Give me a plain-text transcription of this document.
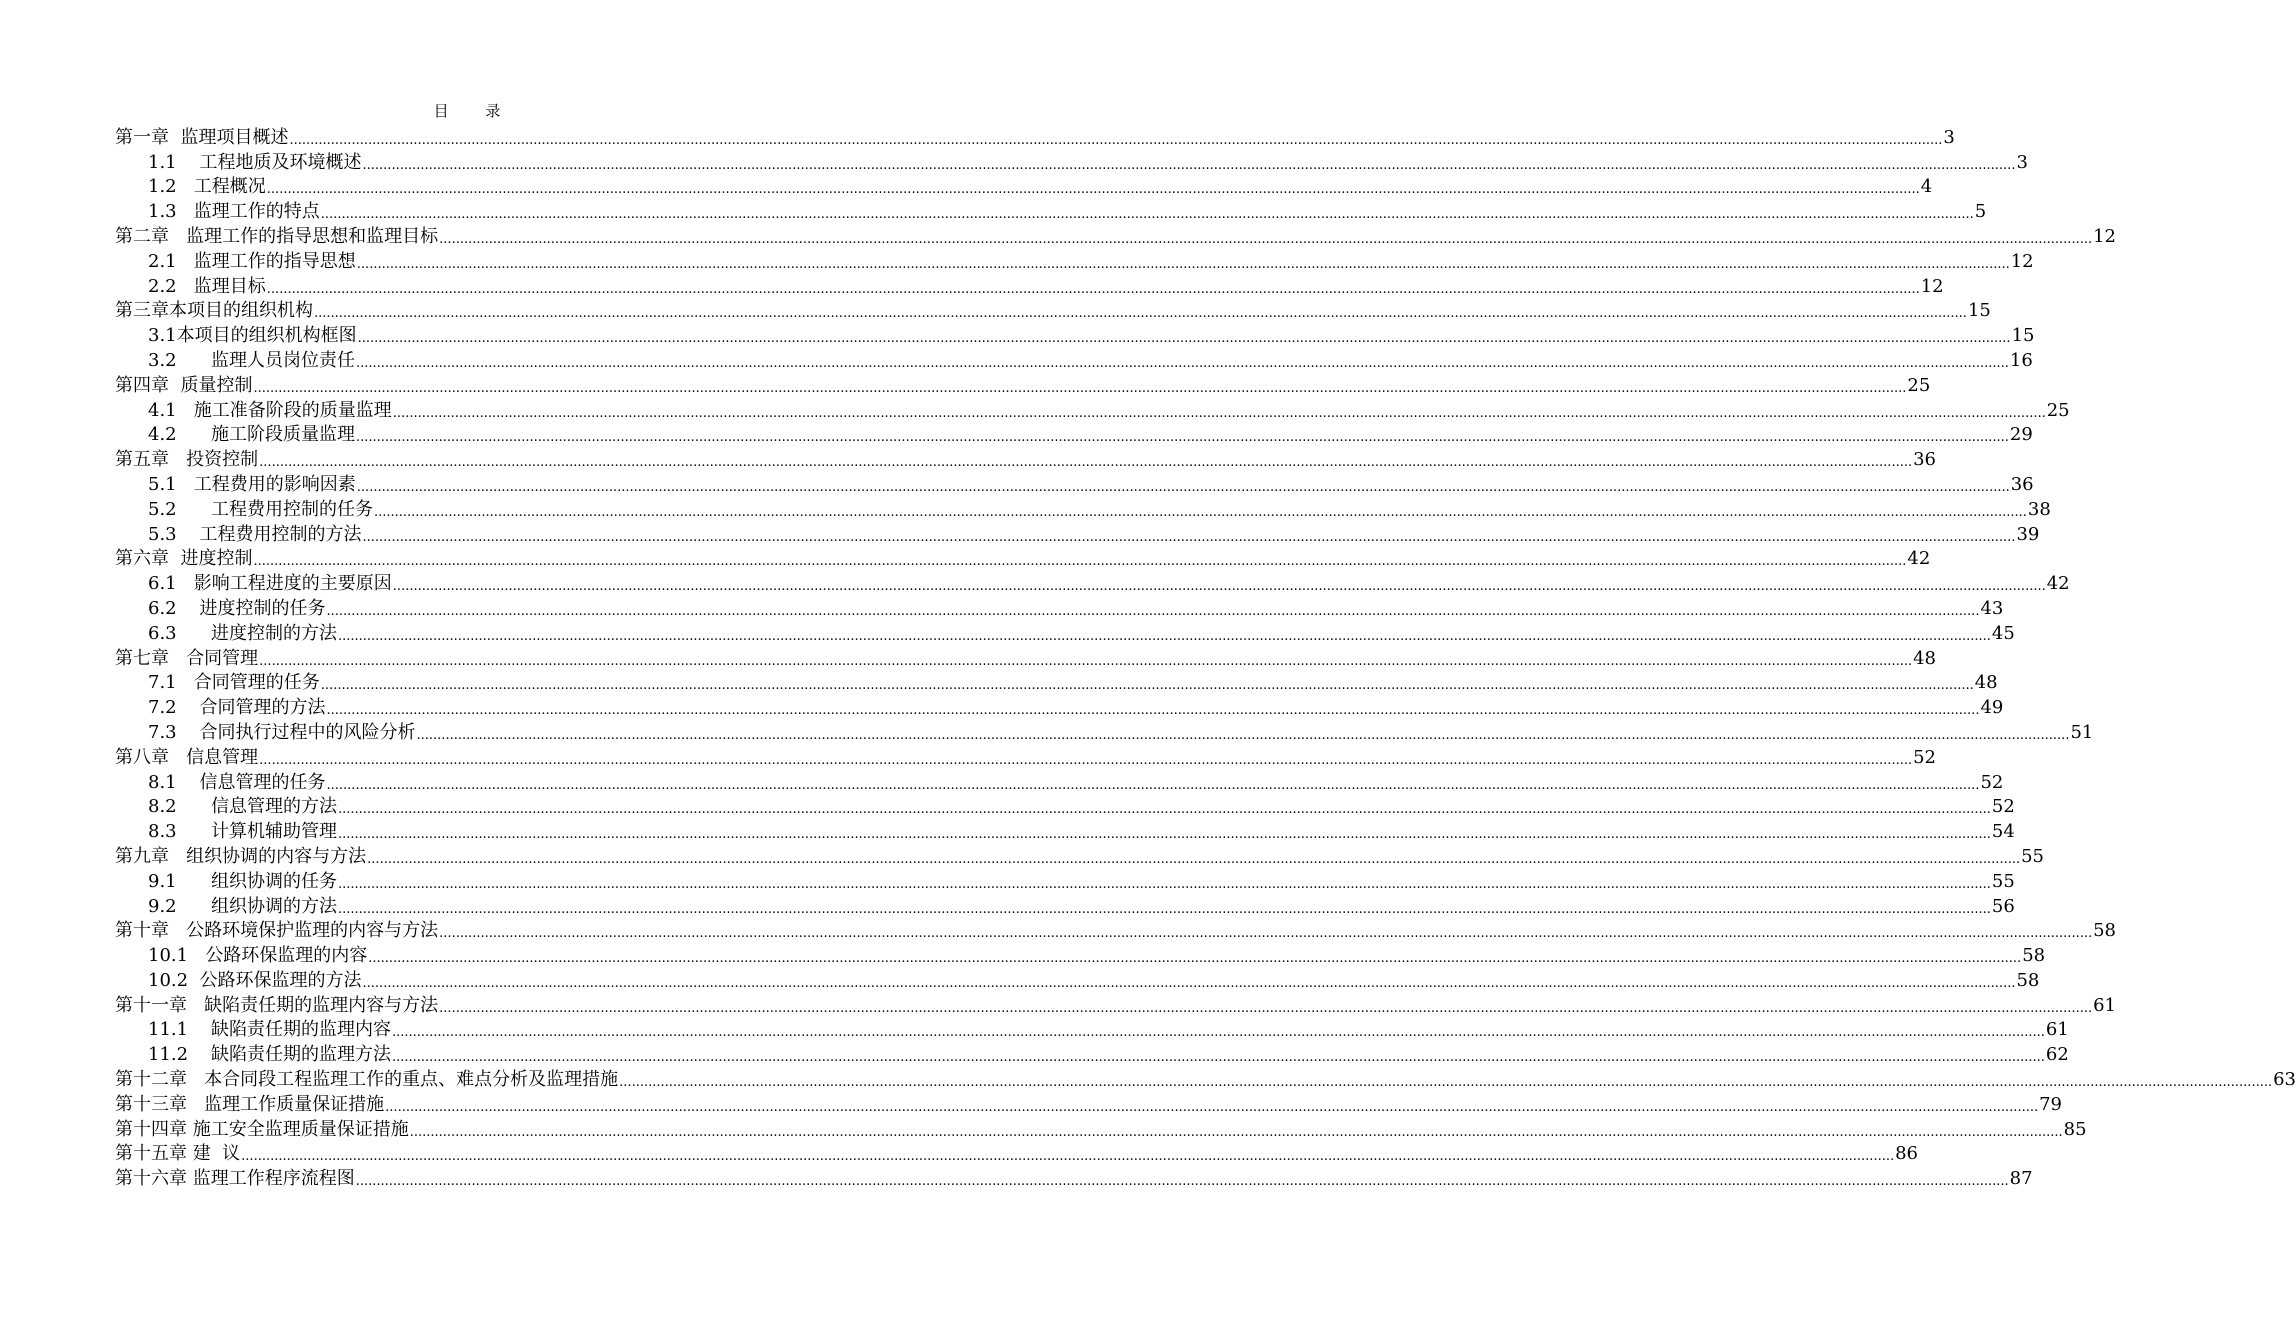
目 录
第一章  监理项目概述 ................................................................................................................................................................................................................................................................................................................................................................................................................ 3
1.1    工程地质及环境概述 ................................................................................................................................................................................................................................................................................................................................................................................................................ 3
1.2   工程概况 ................................................................................................................................................................................................................................................................................................................................................................................................................ 4
1.3   监理工作的特点 ................................................................................................................................................................................................................................................................................................................................................................................................................ 5
第二章   监理工作的指导思想和监理目标 ................................................................................................................................................................................................................................................................................................................................................................................................................ 12
2.1   监理工作的指导思想 ................................................................................................................................................................................................................................................................................................................................................................................................................ 12
2.2   监理目标 ................................................................................................................................................................................................................................................................................................................................................................................................................ 12
第三章本项目的组织机构 ................................................................................................................................................................................................................................................................................................................................................................................................................ 15
3.1本项目的组织机构框图 ................................................................................................................................................................................................................................................................................................................................................................................................................ 15
3.2      监理人员岗位责任 ................................................................................................................................................................................................................................................................................................................................................................................................................ 16
第四章  质量控制 ................................................................................................................................................................................................................................................................................................................................................................................................................ 25
4.1   施工准备阶段的质量监理 ................................................................................................................................................................................................................................................................................................................................................................................................................ 25
4.2      施工阶段质量监理 ................................................................................................................................................................................................................................................................................................................................................................................................................ 29
第五章   投资控制 ................................................................................................................................................................................................................................................................................................................................................................................................................ 36
5.1   工程费用的影响因素 ................................................................................................................................................................................................................................................................................................................................................................................................................ 36
5.2      工程费用控制的任务 ................................................................................................................................................................................................................................................................................................................................................................................................................ 38
5.3    工程费用控制的方法 ................................................................................................................................................................................................................................................................................................................................................................................................................ 39
第六章  进度控制 ................................................................................................................................................................................................................................................................................................................................................................................................................ 42
6.1   影响工程进度的主要原因 ................................................................................................................................................................................................................................................................................................................................................................................................................ 42
6.2    进度控制的任务 ................................................................................................................................................................................................................................................................................................................................................................................................................ 43
6.3      进度控制的方法 ................................................................................................................................................................................................................................................................................................................................................................................................................ 45
第七章   合同管理 ................................................................................................................................................................................................................................................................................................................................................................................................................ 48
7.1   合同管理的任务 ................................................................................................................................................................................................................................................................................................................................................................................................................ 48
7.2    合同管理的方法 ................................................................................................................................................................................................................................................................................................................................................................................................................ 49
7.3    合同执行过程中的风险分析 ................................................................................................................................................................................................................................................................................................................................................................................................................ 51
第八章   信息管理 ................................................................................................................................................................................................................................................................................................................................................................................................................ 52
8.1    信息管理的任务 ................................................................................................................................................................................................................................................................................................................................................................................................................ 52
8.2      信息管理的方法 ................................................................................................................................................................................................................................................................................................................................................................................................................ 52
8.3      计算机辅助管理 ................................................................................................................................................................................................................................................................................................................................................................................................................ 54
第九章   组织协调的内容与方法 ................................................................................................................................................................................................................................................................................................................................................................................................................ 55
9.1      组织协调的任务 ................................................................................................................................................................................................................................................................................................................................................................................................................ 55
9.2      组织协调的方法 ................................................................................................................................................................................................................................................................................................................................................................................................................ 56
第十章   公路环境保护监理的内容与方法 ................................................................................................................................................................................................................................................................................................................................................................................................................ 58
10.1   公路环保监理的内容 ................................................................................................................................................................................................................................................................................................................................................................................................................ 58
10.2  公路环保监理的方法 ................................................................................................................................................................................................................................................................................................................................................................................................................ 58
第十一章   缺陷责任期的监理内容与方法 ................................................................................................................................................................................................................................................................................................................................................................................................................ 61
11.1    缺陷责任期的监理内容 ................................................................................................................................................................................................................................................................................................................................................................................................................ 61
11.2    缺陷责任期的监理方法 ................................................................................................................................................................................................................................................................................................................................................................................................................ 62
第十二章   本合同段工程监理工作的重点、难点分析及监理措施 ................................................................................................................................................................................................................................................................................................................................................................................................................ 63
第十三章   监理工作质量保证措施 ................................................................................................................................................................................................................................................................................................................................................................................................................ 79
第十四章 施工安全监理质量保证措施 ................................................................................................................................................................................................................................................................................................................................................................................................................ 85
第十五章 建  议 ................................................................................................................................................................................................................................................................................................................................................................................................................ 86
第十六章 监理工作程序流程图 ................................................................................................................................................................................................................................................................................................................................................................................................................ 87
